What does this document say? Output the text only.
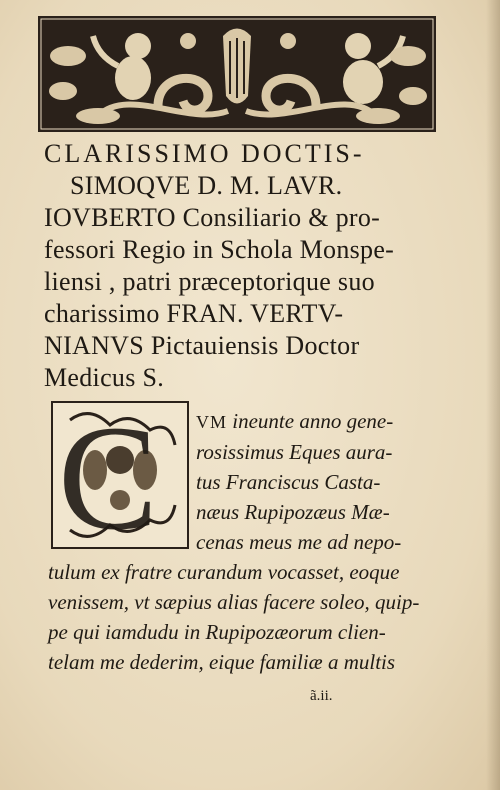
CLARISSIMO DOCTIS-
SIMOQVE D. M. LAVR.
IOVBERTO Consiliario & pro-
fessori Regio in Schola Monspe-
liensi , patri præceptorique suo
charissimo FRAN. VERTV-
NIANVS Pictauiensis Doctor
Medicus S.
C	VM ineunte anno gene-
rosissimus Eques aura-
tus Franciscus Casta-
næus Rupipozæus Mæ-
cenas meus me ad nepo-
tulum ex fratre curandum vocasset, eoque
venissem, vt sæpius alias facere soleo, quip-
pe qui iamdudu in Rupipozæorum clien-
telam me dederim, eique familiæ a multis
ã.ii.
